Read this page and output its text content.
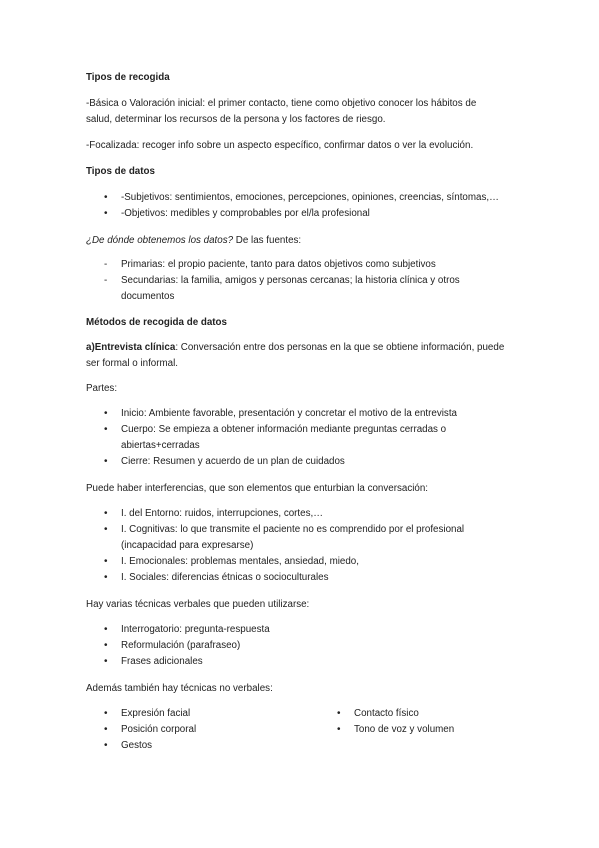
Tipos de recogida

-Básica o Valoración inicial: el primer contacto, tiene como objetivo conocer los hábitos de

salud, determinar los recursos de la persona y los factores de riesgo.

-Focalizada: recoger info sobre un aspecto específico, confirmar datos o ver la evolución.

Tipos de datos

•	-Subjetivos: sentimientos, emociones, percepciones, opiniones, creencias, síntomas,…

•	-Objetivos: medibles y comprobables por el/la profesional

¿De dónde obtenemos los datos? De las fuentes:

-	Primarias: el propio paciente, tanto para datos objetivos como subjetivos

-	Secundarias: la familia, amigos y personas cercanas; la historia clínica y otros

documentos

Métodos de recogida de datos

a)Entrevista clínica: Conversación entre dos personas en la que se obtiene información, puede

ser formal o informal.

Partes:

•	Inicio: Ambiente favorable, presentación y concretar el motivo de la entrevista

•	Cuerpo: Se empieza a obtener información mediante preguntas cerradas o

abiertas+cerradas

•	Cierre: Resumen y acuerdo de un plan de cuidados

Puede haber interferencias, que son elementos que enturbian la conversación:

•	I. del Entorno: ruidos, interrupciones, cortes,…

•	I. Cognitivas: lo que transmite el paciente no es comprendido por el profesional

(incapacidad para expresarse)

•	I. Emocionales: problemas mentales, ansiedad, miedo,

•	I. Sociales: diferencias étnicas o socioculturales

Hay varias técnicas verbales que pueden utilizarse:

•	Interrogatorio: pregunta-respuesta

•	Reformulación (parafraseo)

•	Frases adicionales

Además también hay técnicas no verbales:

•	Expresión facial

•	Posición corporal

•	Gestos

•	Contacto físico

•	Tono de voz y volumen
